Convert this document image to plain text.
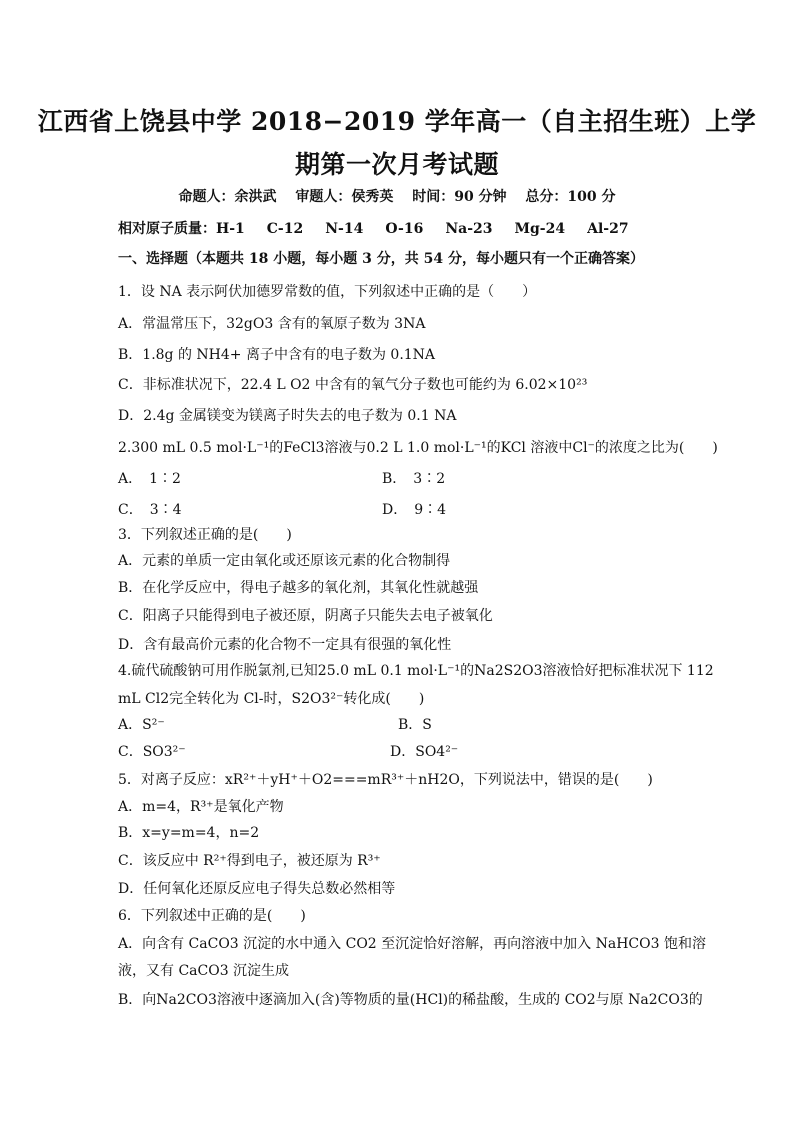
江西省上饶县中学 2018−2019 学年高一（自主招生班）上学
期第一次月考试题
命题人：余洪武　 审题人：侯秀英　 时间：90 分钟　 总分：100 分
相对原子质量：H-1 C-12 N-14 O-16 Na-23 Mg-24 Al-27
一、选择题（本题共 18 小题，每小题 3 分，共 54 分，每小题只有一个正确答案）
1．设 NA 表示阿伏加德罗常数的值，下列叙述中正确的是（　　）
A．常温常压下，32gO3 含有的氧原子数为 3NA
B．1.8g 的 NH4+ 离子中含有的电子数为 0.1NA
C．非标准状况下，22.4 L O2 中含有的氧气分子数也可能约为 6.02×10²³
D．2.4g 金属镁变为镁离子时失去的电子数为 0.1 NA
2.300 mL 0.5 mol·L⁻¹的FeCl3溶液与0.2 L 1.0 mol·L⁻¹的KCl 溶液中Cl⁻的浓度之比为(　　)
A．　1∶2	B．　3∶2
C．　3∶4	D．　9∶4
3．下列叙述正确的是(　　)
A．元素的单质一定由氧化或还原该元素的化合物制得
B．在化学反应中，得电子越多的氧化剂，其氧化性就越强
C．阳离子只能得到电子被还原，阴离子只能失去电子被氧化
D．含有最高价元素的化合物不一定具有很强的氧化性
4.硫代硫酸钠可用作脱氯剂,已知25.0 mL 0.1 mol·L⁻¹的Na2S2O3溶液恰好把标准状况下 112
mL Cl2完全转化为 Cl-时，S2O3²⁻转化成(　　)
A．S²⁻	B．S
C．SO3²⁻	D．SO4²⁻
5．对离子反应：xR²⁺＋yH⁺＋O2===mR³⁺＋nH2O，下列说法中，错误的是(　　)
A．m=4，R³⁺是氧化产物
B．x=y=m=4，n=2
C．该反应中 R²⁺得到电子，被还原为 R³⁺
D．任何氧化还原反应电子得失总数必然相等
6．下列叙述中正确的是(　　)
A．向含有 CaCO3 沉淀的水中通入 CO2 至沉淀恰好溶解，再向溶液中加入 NaHCO3 饱和溶
液，又有 CaCO3 沉淀生成
B．向Na2CO3溶液中逐滴加入(含)等物质的量(HCl)的稀盐酸，生成的 CO2与原 Na2CO3的
